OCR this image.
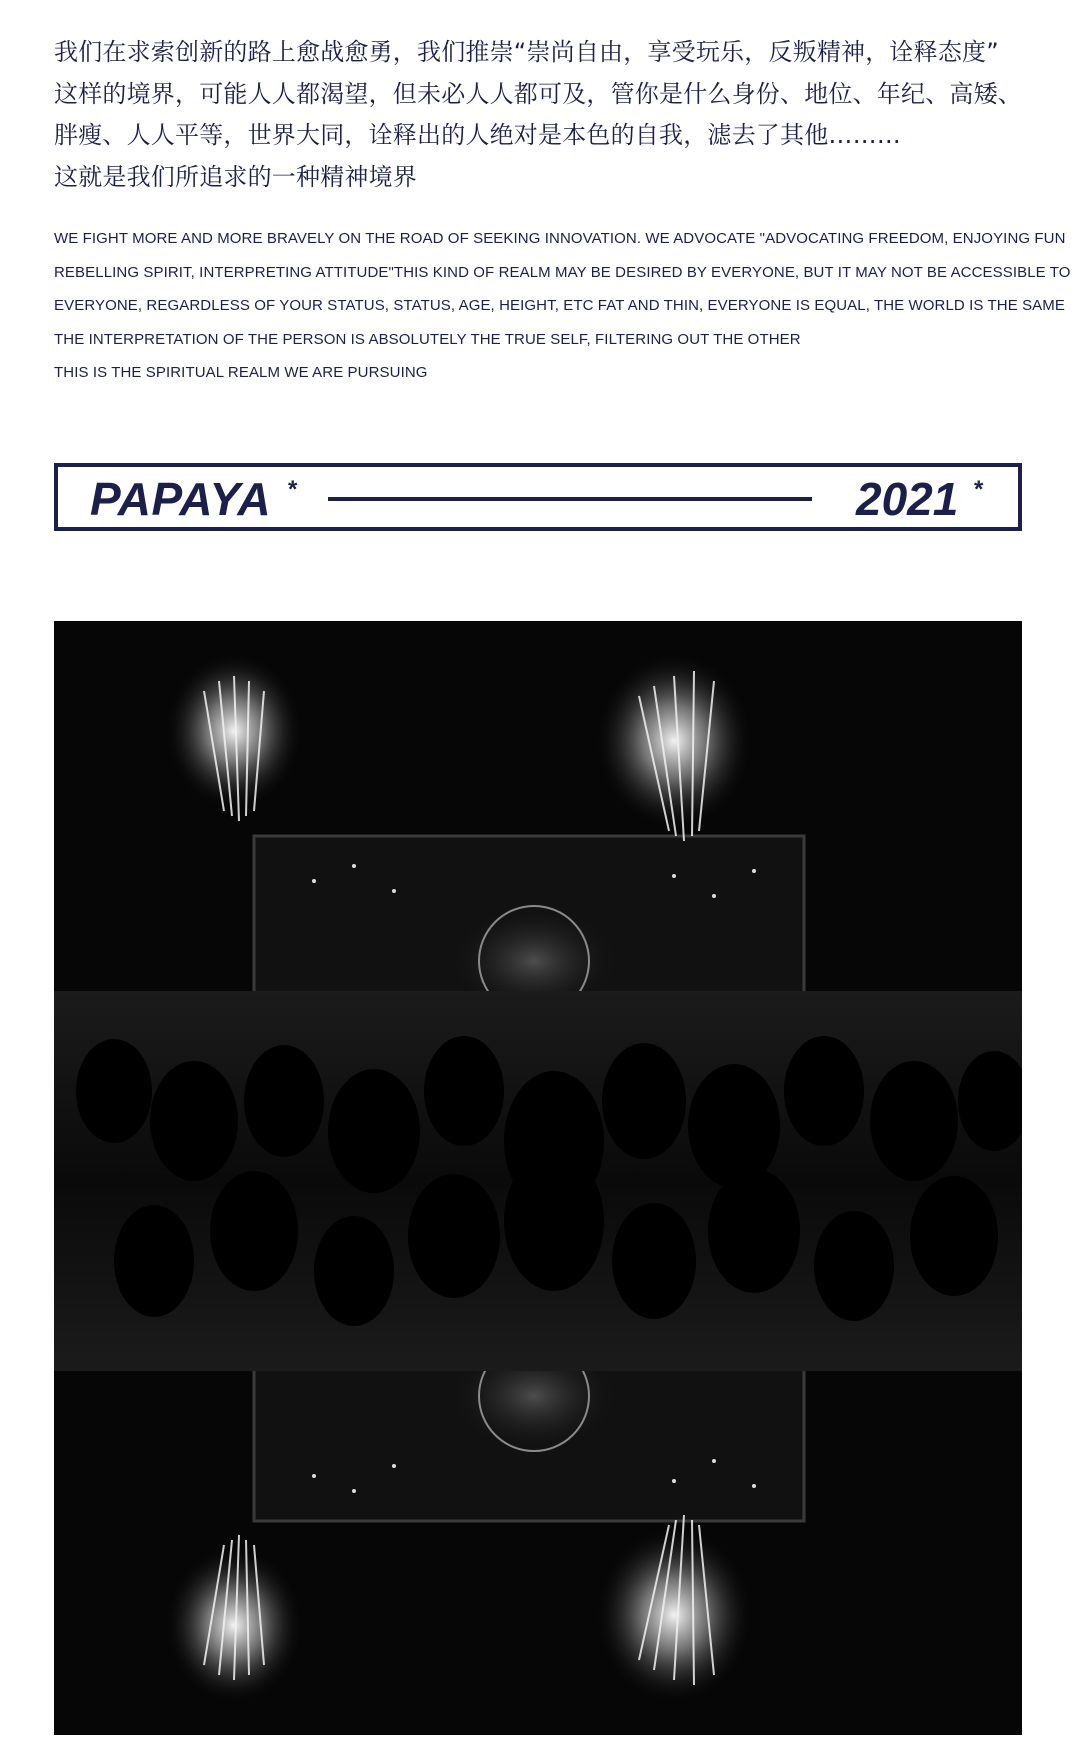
我们在求索创新的路上愈战愈勇，我们推崇“崇尚自由，享受玩乐，反叛精神，诠释态度”
这样的境界，可能人人都渴望，但未必人人都可及，管你是什么身份、地位、年纪、高矮、
胖瘦、人人平等，世界大同，诠释出的人绝对是本色的自我，滤去了其他………
这就是我们所追求的一种精神境界
WE FIGHT MORE AND MORE BRAVELY ON THE ROAD OF SEEKING INNOVATION. WE ADVOCATE "ADVOCATING FREEDOM, ENJOYING FUN
REBELLING SPIRIT, INTERPRETING ATTITUDE"THIS KIND OF REALM MAY BE DESIRED BY EVERYONE, BUT IT MAY NOT BE ACCESSIBLE TO
EVERYONE, REGARDLESS OF YOUR STATUS, STATUS, AGE, HEIGHT, ETC FAT AND THIN, EVERYONE IS EQUAL, THE WORLD IS THE SAME
THE INTERPRETATION OF THE PERSON IS ABSOLUTELY THE TRUE SELF, FILTERING OUT THE OTHER
THIS IS THE SPIRITUAL REALM WE ARE PURSUING
PAPAYA *	2021 *
